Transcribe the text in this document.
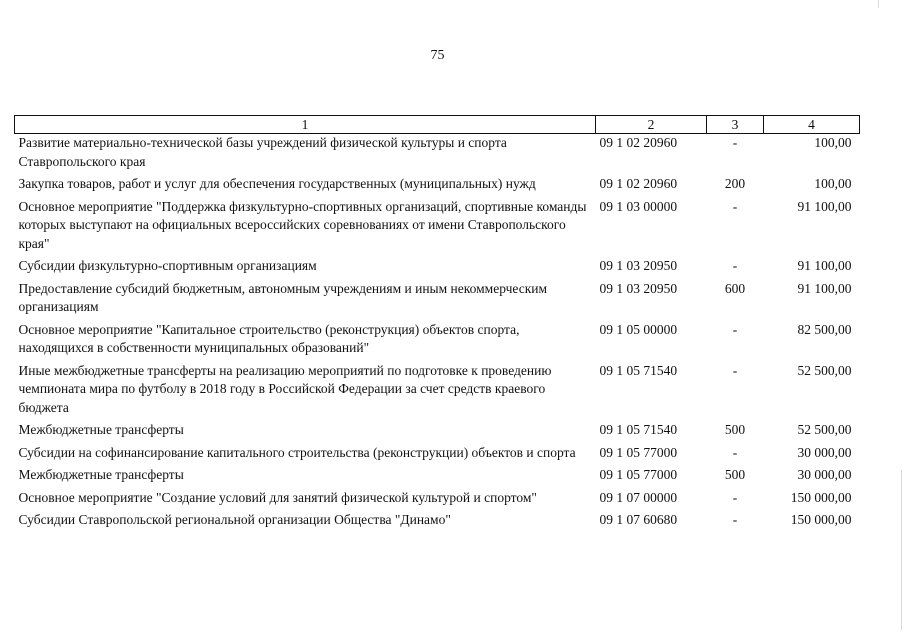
75
1	2	3	4
Развитие материально-технической базы учреждений физической культуры и спорта Ставропольского края	09 1 02 20960	-	100,00
Закупка товаров, работ и услуг для обеспечения государственных (муниципальных) нужд	09 1 02 20960	200	100,00
Основное мероприятие "Поддержка физкультурно-спортивных организаций, спортивные команды которых выступают на официальных всероссийских соревнованиях от имени Ставропольского края"	09 1 03 00000	-	91 100,00
Субсидии физкультурно-спортивным организациям	09 1 03 20950	-	91 100,00
Предоставление субсидий бюджетным, автономным учреждениям и иным некоммерческим организациям	09 1 03 20950	600	91 100,00
Основное мероприятие "Капитальное строительство (реконструкция) объектов спорта, находящихся в собственности муниципальных образований"	09 1 05 00000	-	82 500,00
Иные межбюджетные трансферты на реализацию мероприятий по подготовке к проведению чемпионата мира по футболу в 2018 году в Российской Федерации за счет средств краевого бюджета	09 1 05 71540	-	52 500,00
Межбюджетные трансферты	09 1 05 71540	500	52 500,00
Субсидии на софинансирование капитального строительства (реконструкции) объектов и спорта	09 1 05 77000	-	30 000,00
Межбюджетные трансферты	09 1 05 77000	500	30 000,00
Основное мероприятие "Создание условий для занятий физической культурой и спортом"	09 1 07 00000	-	150 000,00
Субсидии Ставропольской региональной организации Общества "Динамо"	09 1 07 60680	-	150 000,00
